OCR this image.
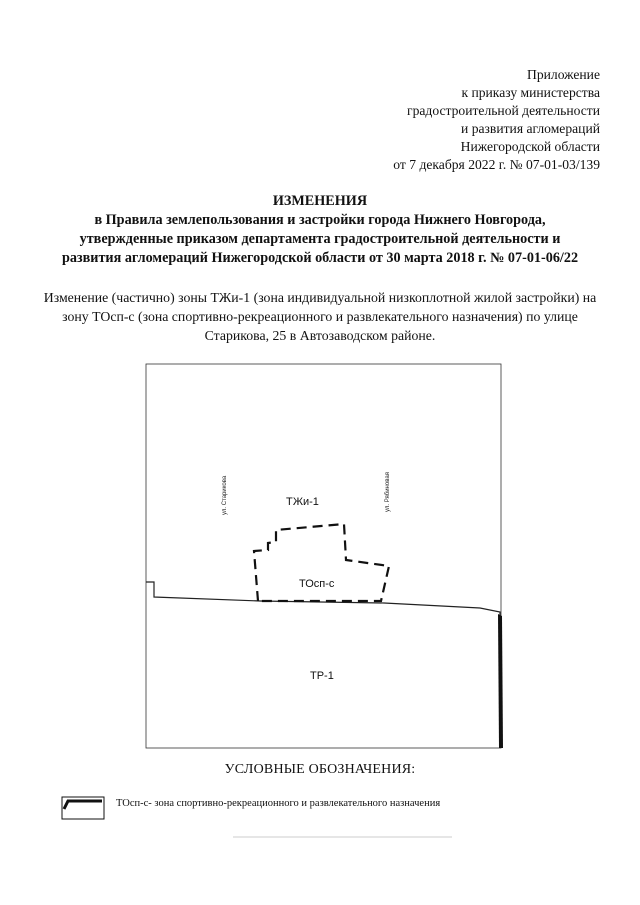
Приложение
к приказу министерства
градостроительной деятельности
и развития агломераций
Нижегородской области
от 7 декабря 2022 г. № 07-01-03/139
ИЗМЕНЕНИЯ
в Правила землепользования и застройки города Нижнего Новгорода,
утвержденные приказом департамента градостроительной деятельности и
развития агломераций Нижегородской области от 30 марта 2018 г. № 07-01-06/22
Изменение (частично) зоны ТЖи-1 (зона индивидуальной низкоплотной жилой застройки) на зону ТОсп-с (зона спортивно-рекреационного и развлекательного назначения) по улице Старикова, 25 в Автозаводском районе.
ул. Старикова	ул. Рябиновая
ТЖи-1
ТОсп-с
ТР-1
УСЛОВНЫЕ ОБОЗНАЧЕНИЯ:
ТОсп-с- зона спортивно-рекреационного и развлекательного назначения
